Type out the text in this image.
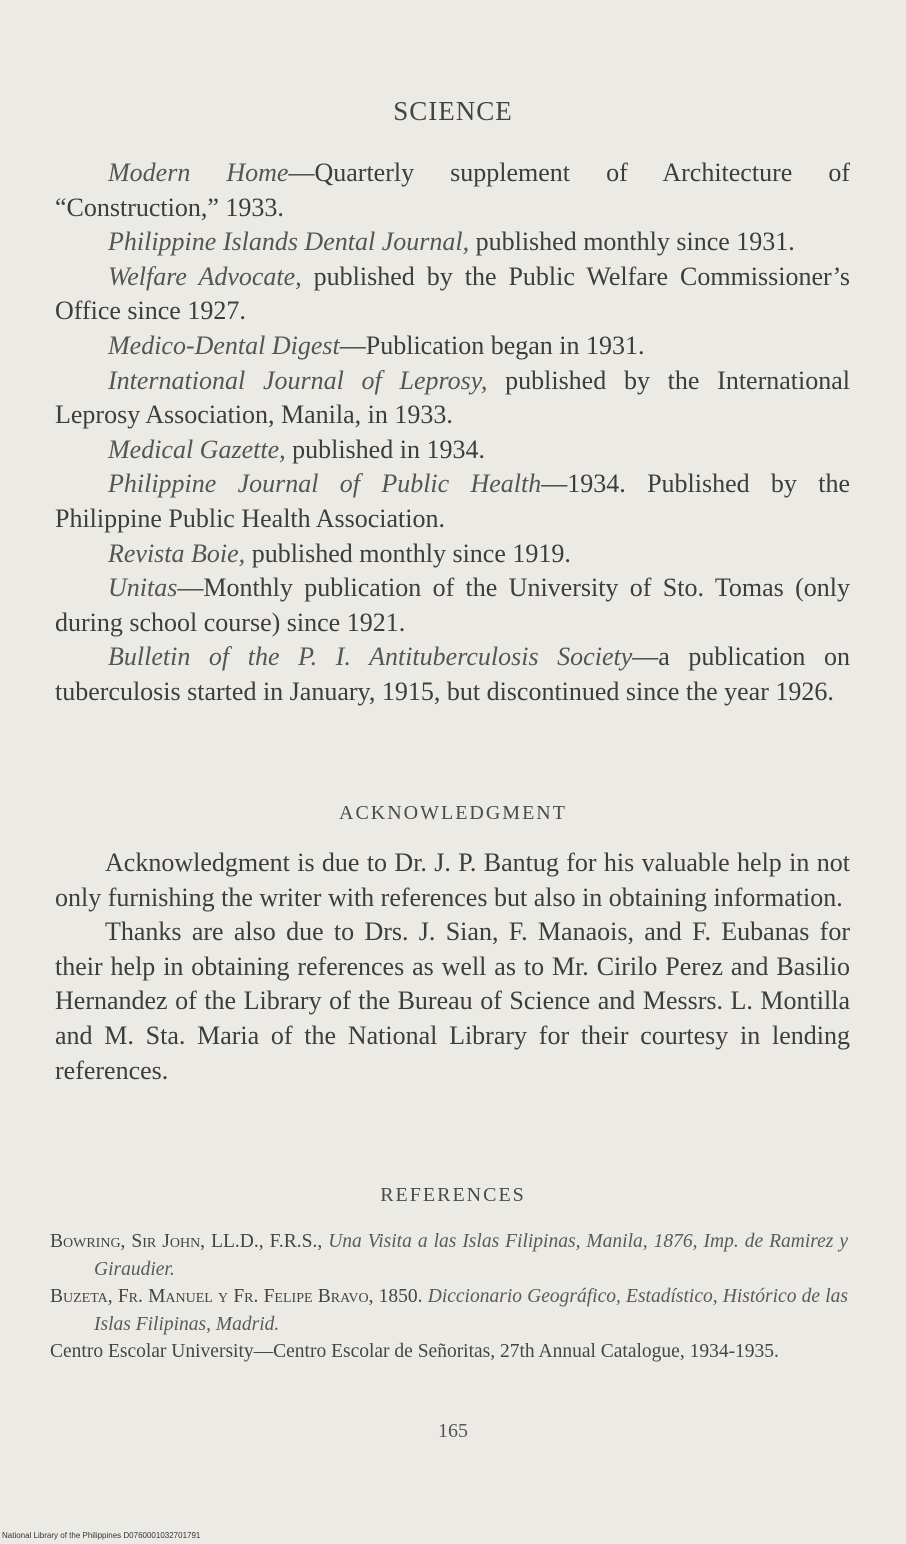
SCIENCE

Modern Home—Quarterly supplement of Architecture of “Construction,” 1933.

Philippine Islands Dental Journal, published monthly since 1931.

Welfare Advocate, published by the Public Welfare Commissioner’s Office since 1927.

Medico-Dental Digest—Publication began in 1931.

International Journal of Leprosy, published by the International Leprosy Association, Manila, in 1933.

Medical Gazette, published in 1934.

Philippine Journal of Public Health—1934. Published by the Philippine Public Health Association.

Revista Boie, published monthly since 1919.

Unitas—Monthly publication of the University of Sto. Tomas (only during school course) since 1921.

Bulletin of the P. I. Antituberculosis Society—a publication on tuberculosis started in January, 1915, but discontinued since the year 1926.

ACKNOWLEDGMENT

Acknowledgment is due to Dr. J. P. Bantug for his valuable help in not only furnishing the writer with references but also in obtaining information.

Thanks are also due to Drs. J. Sian, F. Manaois, and F. Eubanas for their help in obtaining references as well as to Mr. Cirilo Perez and Basilio Hernandez of the Library of the Bureau of Science and Messrs. L. Montilla and M. Sta. Maria of the National Library for their courtesy in lending references.

REFERENCES

Bowring, Sir John, LL.D., F.R.S., Una Visita a las Islas Filipinas, Manila, 1876, Imp. de Ramirez y Giraudier.

Buzeta, Fr. Manuel y Fr. Felipe Bravo, 1850. Diccionario Geográfico, Estadístico, Histórico de las Islas Filipinas, Madrid.

Centro Escolar University—Centro Escolar de Señoritas, 27th Annual Catalogue, 1934-1935.

165
National Library of the Philippines D0760001032701791
